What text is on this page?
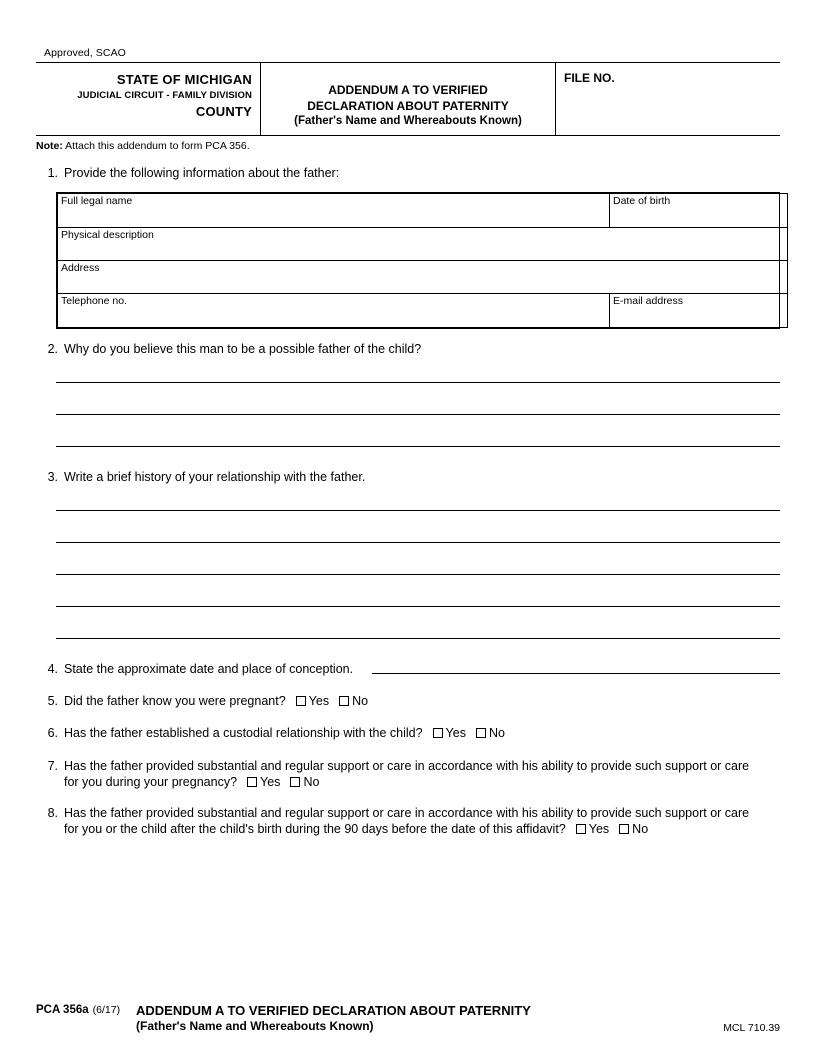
Approved, SCAO
STATE OF MICHIGAN
JUDICIAL CIRCUIT - FAMILY DIVISION
COUNTY
ADDENDUM A TO VERIFIED
DECLARATION ABOUT PATERNITY
(Father's Name and Whereabouts Known)
FILE NO.
Note: Attach this addendum to form PCA 356.
1. Provide the following information about the father:
Full legal name	Date of birth
Physical description	
Address	
Telephone no.	E-mail address
2. Why do you believe this man to be a possible father of the child?
3. Write a brief history of your relationship with the father.
4. State the approximate date and place of conception.
5. Did the father know you were pregnant? Yes No
6. Has the father established a custodial relationship with the child? Yes No
7. Has the father provided substantial and regular support or care in accordance with his ability to provide such support or care
for you during your pregnancy? Yes No
8. Has the father provided substantial and regular support or care in accordance with his ability to provide such support or care
for you or the child after the child's birth during the 90 days before the date of this affidavit? Yes No
PCA 356a (6/17) ADDENDUM A TO VERIFIED DECLARATION ABOUT PATERNITY
(Father's Name and Whereabouts Known)	MCL 710.39
